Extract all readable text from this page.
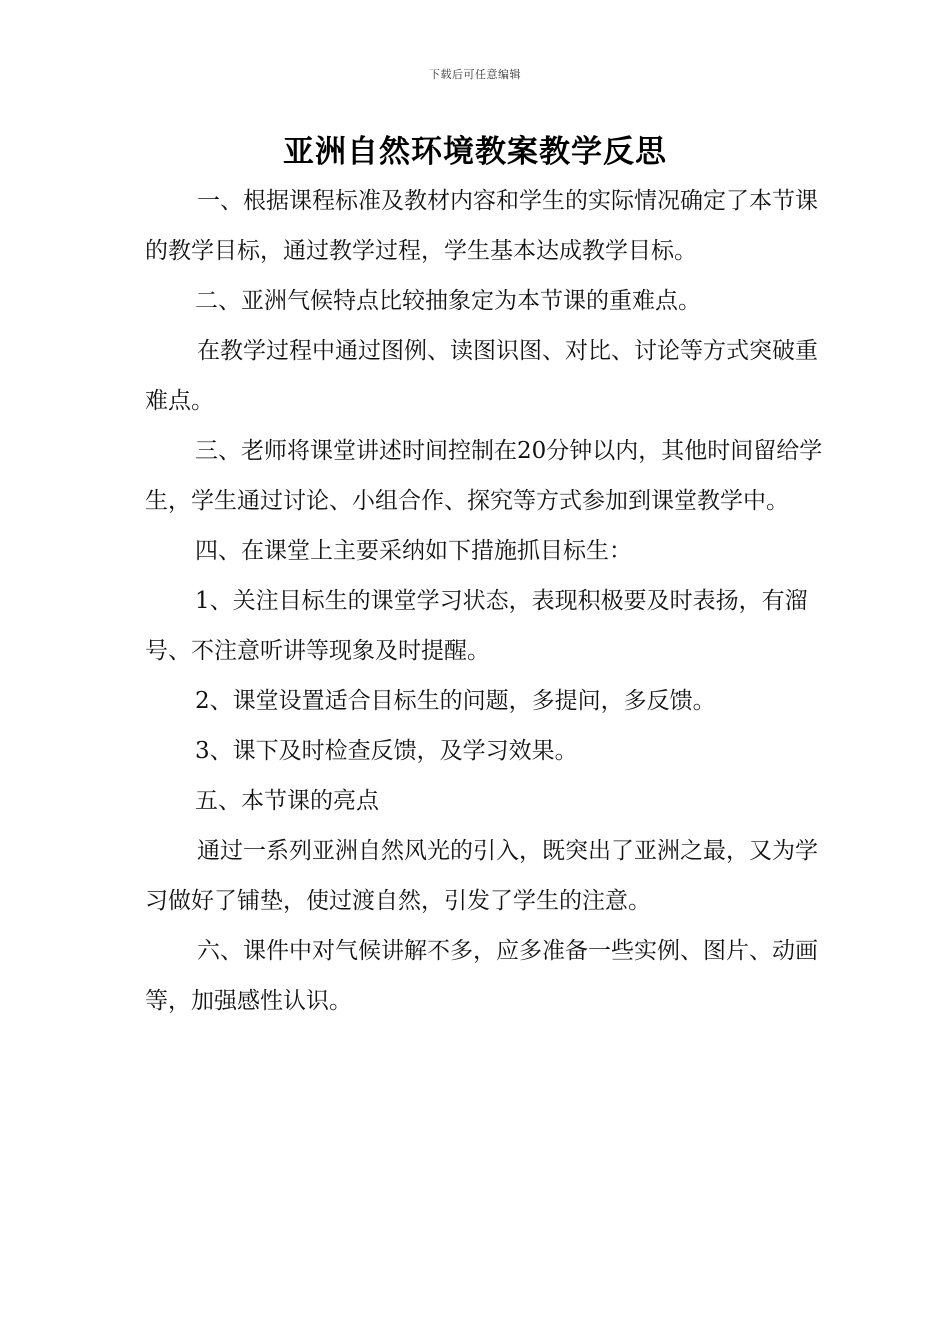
下载后可任意编辑
亚洲自然环境教案教学反思

一、根据课程标准及教材内容和学生的实际情况确定了本节课的教学目标，通过教学过程，学生基本达成教学目标。

二、亚洲气候特点比较抽象定为本节课的重难点。

在教学过程中通过图例、读图识图、对比、讨论等方式突破重难点。

三、老师将课堂讲述时间控制在20分钟以内，其他时间留给学生，学生通过讨论、小组合作、探究等方式参加到课堂教学中。

四、在课堂上主要采纳如下措施抓目标生：

1、关注目标生的课堂学习状态，表现积极要及时表扬，有溜号、不注意听讲等现象及时提醒。

2、课堂设置适合目标生的问题，多提问，多反馈。

3、课下及时检查反馈，及学习效果。

五、本节课的亮点

通过一系列亚洲自然风光的引入，既突出了亚洲之最，又为学习做好了铺垫，使过渡自然，引发了学生的注意。

六、课件中对气候讲解不多，应多准备一些实例、图片、动画等，加强感性认识。
